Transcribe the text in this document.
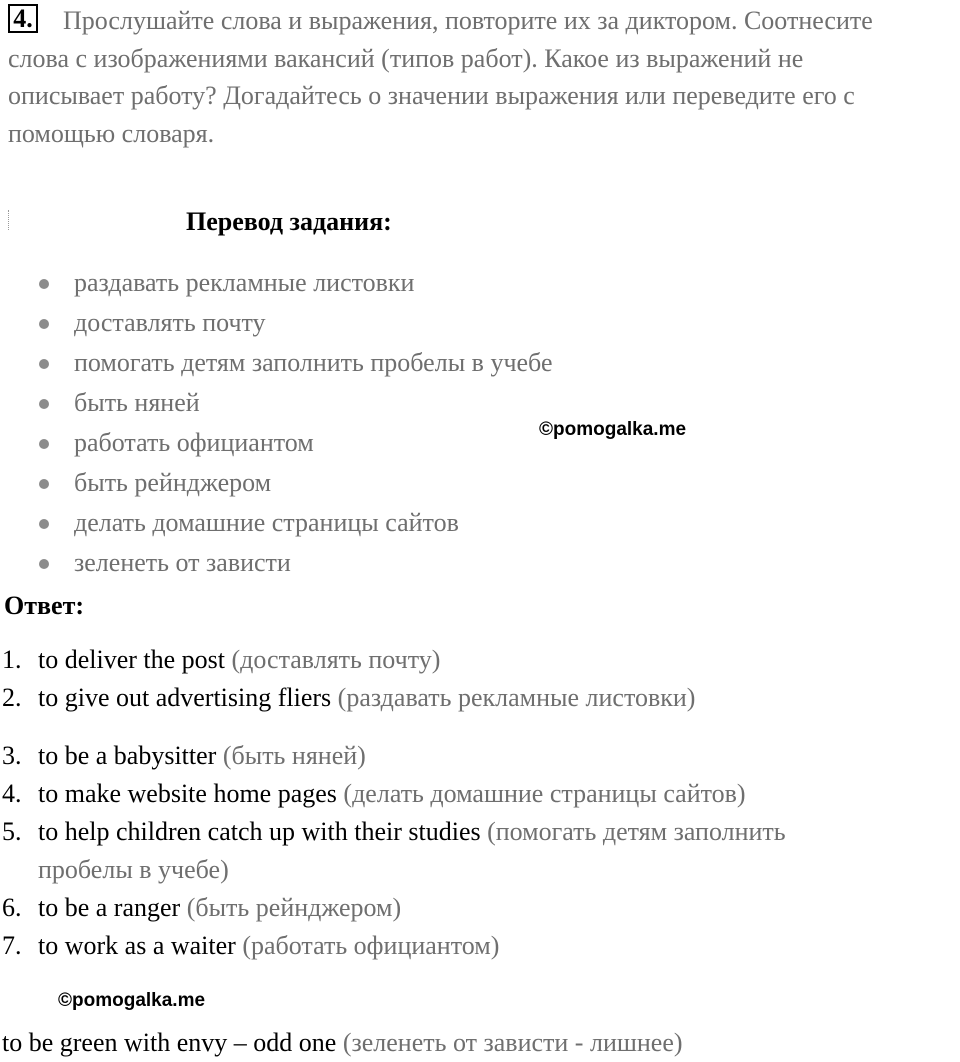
4.	Прослушайте слова и выражения, повторите их за диктором. Соотнесите слова с изображениями вакансий (типов работ). Какое из выражений не описывает работу? Догадайтесь о значении выражения или переведите его с помощью словаря.

Перевод задания:
раздавать рекламные листовки
доставлять почту
помогать детям заполнить пробелы в учебе
быть няней
работать официантом
быть рейнджером
делать домашние страницы сайтов
зеленеть от зависти
©pomogalka.me
Ответ:
1. to deliver the post (доставлять почту)
2. to give out advertising fliers (раздавать рекламные листовки)
3. to be a babysitter (быть няней)
4. to make website home pages (делать домашние страницы сайтов)
5. to help children catch up with their studies (помогать детям заполнить
пробелы в учебе)
6. to be a ranger (быть рейнджером)
7. to work as a waiter (работать официантом)
©pomogalka.me
to be green with envy – odd one (зеленеть от зависти - лишнее)
